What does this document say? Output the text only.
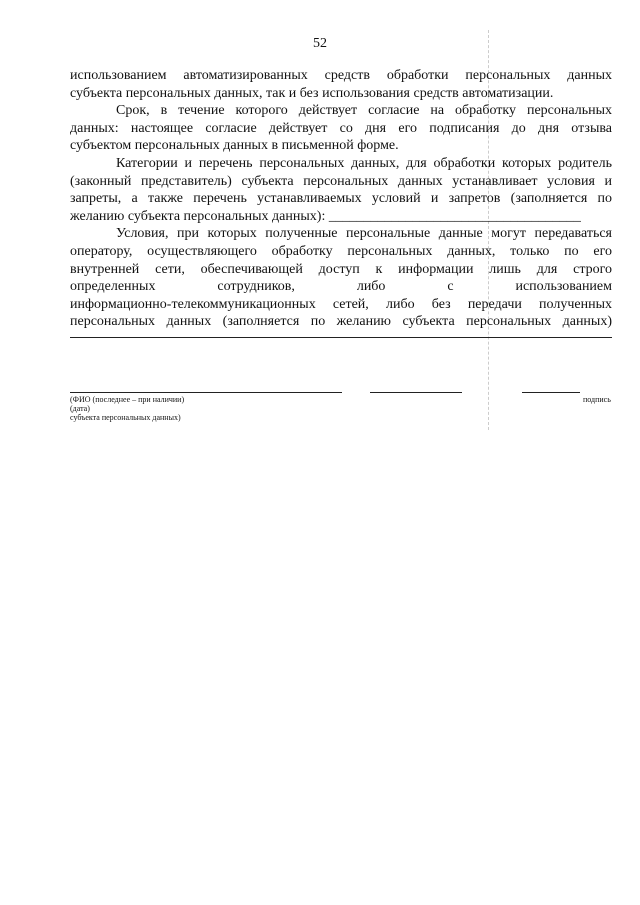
52
использованием автоматизированных средств обработки персональных данных
субъекта персональных данных, так и без использования средств автоматизации.
Срок, в течение которого действует согласие на обработку персональных
данных: настоящее согласие действует со дня его подписания до дня отзыва
субъектом персональных данных в письменной форме.
Категории и перечень персональных данных, для обработки которых родитель
(законный представитель) субъекта персональных данных устанавливает условия и
запреты, а также перечень устанавливаемых условий и запретов (заполняется по
желанию субъекта персональных данных): ____________________________________
Условия, при которых полученные персональные данные могут передаваться
оператору, осуществляющего обработку персональных данных, только по его
внутренней сети, обеспечивающей доступ к информации лишь для строго
определенных сотрудников, либо с использованием
информационно-телекоммуникационных сетей, либо без передачи полученных
персональных данных (заполняется по желанию субъекта персональных данных)
(ФИО (последнее – при наличии)
(дата)
субъекта персональных данных)
подпись
